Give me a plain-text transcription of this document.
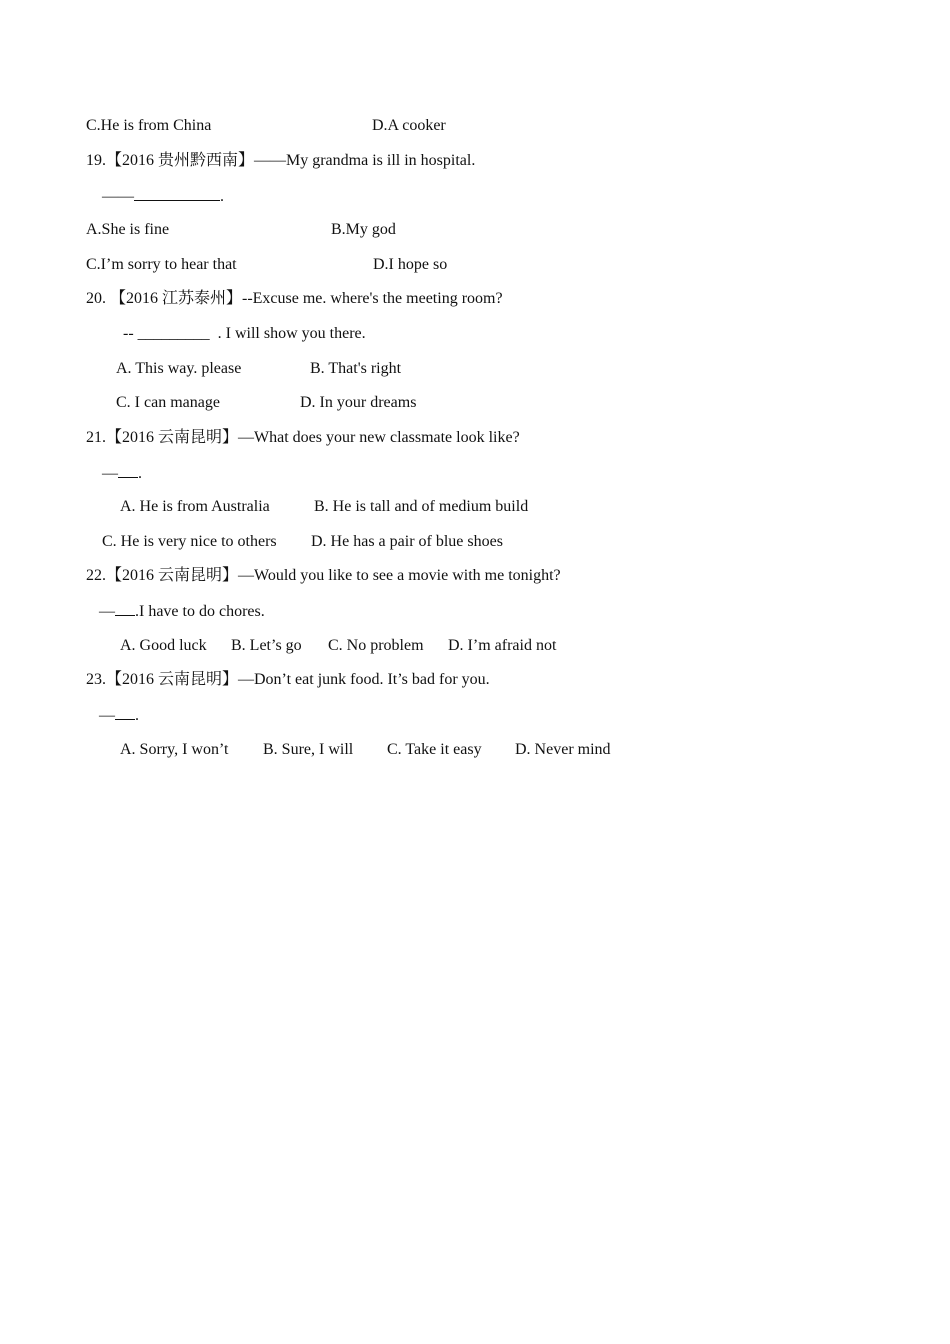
C.He is from China	D.A cooker
19.【2016 贵州黔西南】——My grandma is ill in hospital.
——	.
A.She is fine	B.My god
C.I’m sorry to hear that	D.I hope so
20. 【2016 江苏泰州】--Excuse me. where's the meeting room?
-- _________  . I will show you there.
A. This way. please	B. That's right
C. I can manage	D. In your dreams
21.【2016 云南昆明】—What does your new classmate look like?
— .
A. He is from Australia	B. He is tall and of medium build
C. He is very nice to others D. He has a pair of blue shoes
22.【2016 云南昆明】—Would you like to see a movie with me tonight?
— .I have to do chores.
A. Good luck B. Let’s go C. No problem D. I’m afraid not
23.【2016 云南昆明】—Don’t eat junk food. It’s bad for you.
— .
A. Sorry, I won’t B. Sure, I will C. Take it easy D. Never mind
